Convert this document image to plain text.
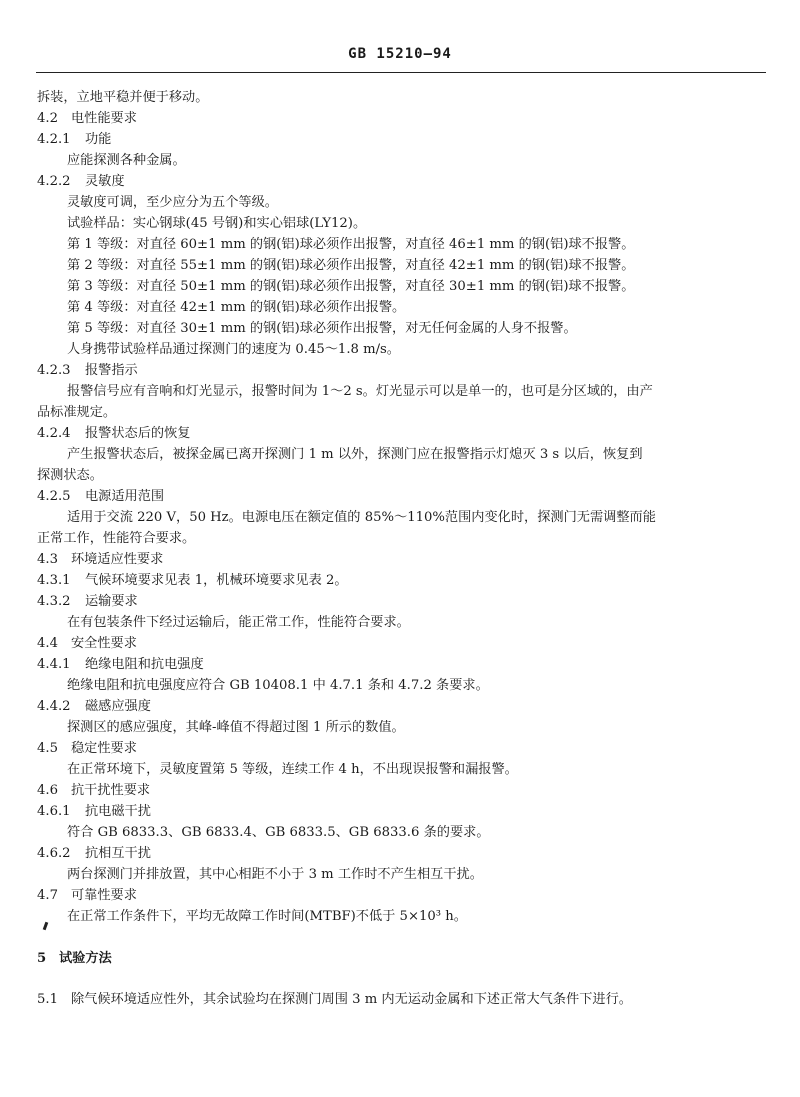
GB 15210—94
拆装，立地平稳并便于移动。
4.2 电性能要求
4.2.1 功能
应能探测各种金属。
4.2.2 灵敏度
灵敏度可调，至少应分为五个等级。
试验样品：实心钢球(45 号钢)和实心铝球(LY12)。
第 1 等级：对直径 60±1 mm 的钢(铝)球必须作出报警，对直径 46±1 mm 的钢(铝)球不报警。
第 2 等级：对直径 55±1 mm 的钢(铝)球必须作出报警，对直径 42±1 mm 的钢(铝)球不报警。
第 3 等级：对直径 50±1 mm 的钢(铝)球必须作出报警，对直径 30±1 mm 的钢(铝)球不报警。
第 4 等级：对直径 42±1 mm 的钢(铝)球必须作出报警。
第 5 等级：对直径 30±1 mm 的钢(铝)球必须作出报警，对无任何金属的人身不报警。
人身携带试验样品通过探测门的速度为 0.45～1.8 m/s。
4.2.3 报警指示
报警信号应有音响和灯光显示，报警时间为 1～2 s。灯光显示可以是单一的，也可是分区域的，由产
品标准规定。
4.2.4 报警状态后的恢复
产生报警状态后，被探金属已离开探测门 1 m 以外，探测门应在报警指示灯熄灭 3 s 以后，恢复到
探测状态。
4.2.5 电源适用范围
适用于交流 220 V，50 Hz。电源电压在额定值的 85%～110%范围内变化时，探测门无需调整而能
正常工作，性能符合要求。
4.3 环境适应性要求
4.3.1 气候环境要求见表 1，机械环境要求见表 2。
4.3.2 运输要求
在有包装条件下经过运输后，能正常工作，性能符合要求。
4.4 安全性要求
4.4.1 绝缘电阻和抗电强度
绝缘电阻和抗电强度应符合 GB 10408.1 中 4.7.1 条和 4.7.2 条要求。
4.4.2 磁感应强度
探测区的感应强度，其峰-峰值不得超过图 1 所示的数值。
4.5 稳定性要求
在正常环境下，灵敏度置第 5 等级，连续工作 4 h，不出现误报警和漏报警。
4.6 抗干扰性要求
4.6.1 抗电磁干扰
符合 GB 6833.3、GB 6833.4、GB 6833.5、GB 6833.6 条的要求。
4.6.2 抗相互干扰
两台探测门并排放置，其中心相距不小于 3 m 工作时不产生相互干扰。
4.7 可靠性要求
在正常工作条件下，平均无故障工作时间(MTBF)不低于 5×10³ h。
5 试验方法
5.1 除气候环境适应性外，其余试验均在探测门周围 3 m 内无运动金属和下述正常大气条件下进行。
